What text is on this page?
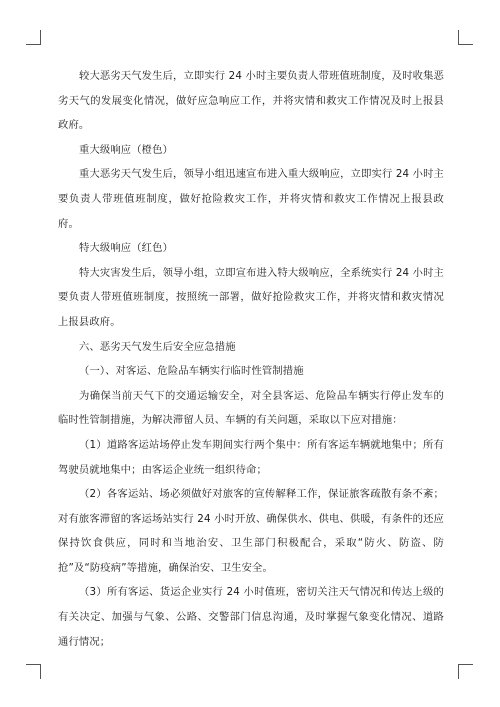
较大恶劣天气发生后，立即实行 24 小时主要负责人带班值班制度，及时收集恶劣天气的发展变化情况，做好应急响应工作，并将灾情和救灾工作情况及时上报县政府。

重大级响应（橙色）

重大恶劣天气发生后，领导小组迅速宣布进入重大级响应，立即实行 24 小时主要负责人带班值班制度，做好抢险救灾工作，并将灾情和救灾工作情况上报县政府。

特大级响应（红色）

特大灾害发生后，领导小组，立即宣布进入特大级响应，全系统实行 24 小时主要负责人带班值班制度，按照统一部署，做好抢险救灾工作，并将灾情和救灾情况上报县政府。

六、恶劣天气发生后安全应急措施

（一）、对客运、危险品车辆实行临时性管制措施

为确保当前天气下的交通运输安全，对全县客运、危险品车辆实行停止发车的临时性管制措施，为解决滞留人员、车辆的有关问题，采取以下应对措施：

（1）道路客运站场停止发车期间实行两个集中：所有客运车辆就地集中；所有驾驶员就地集中；由客运企业统一组织待命；

（2）各客运站、场必须做好对旅客的宣传解释工作，保证旅客疏散有条不紊；对有旅客滞留的客运场站实行 24 小时开放、确保供水、供电、供暖，有条件的还应保持饮食供应，同时和当地治安、卫生部门积极配合，采取“防火、防盗、防抢”及“防疫病”等措施，确保治安、卫生安全。

（3）所有客运、货运企业实行 24 小时值班，密切关注天气情况和传达上级的有关决定、加强与气象、公路、交警部门信息沟通，及时掌握气象变化情况、道路通行情况；
